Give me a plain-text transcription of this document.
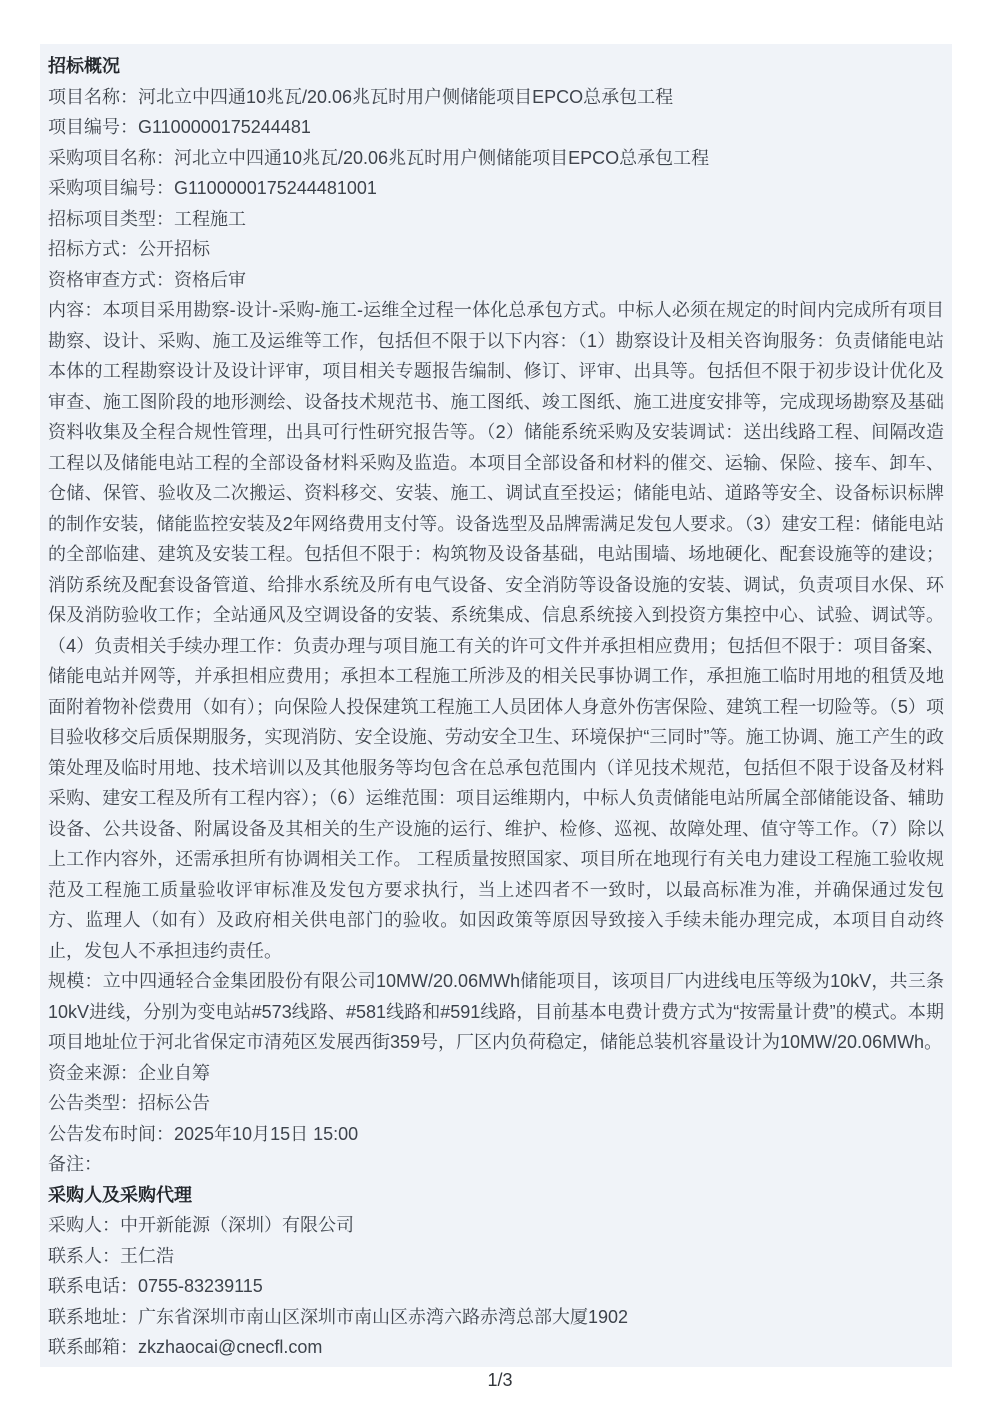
招标概况

项目名称：河北立中四通10兆瓦/20.06兆瓦时用户侧储能项目EPCO总承包工程

项目编号：G1100000175244481

采购项目名称：河北立中四通10兆瓦/20.06兆瓦时用户侧储能项目EPCO总承包工程

采购项目编号：G1100000175244481001

招标项目类型：工程施工

招标方式：公开招标

资格审查方式：资格后审

内容：本项目采用勘察-设计-采购-施工-运维全过程一体化总承包方式。中标人必须在规定的时间内完成所有项目勘察、设计、采购、施工及运维等工作，包括但不限于以下内容：（1）勘察设计及相关咨询服务：负责储能电站本体的工程勘察设计及设计评审，项目相关专题报告编制、修订、评审、出具等。包括但不限于初步设计优化及审查、施工图阶段的地形测绘、设备技术规范书、施工图纸、竣工图纸、施工进度安排等，完成现场勘察及基础资料收集及全程合规性管理，出具可行性研究报告等。（2）储能系统采购及安装调试：送出线路工程、间隔改造工程以及储能电站工程的全部设备材料采购及监造。本项目全部设备和材料的催交、运输、保险、接车、卸车、仓储、保管、验收及二次搬运、资料移交、安装、施工、调试直至投运；储能电站、道路等安全、设备标识标牌的制作安装，储能监控安装及2年网络费用支付等。设备选型及品牌需满足发包人要求。（3）建安工程：储能电站的全部临建、建筑及安装工程。包括但不限于：构筑物及设备基础，电站围墙、场地硬化、配套设施等的建设；消防系统及配套设备管道、给排水系统及所有电气设备、安全消防等设备设施的安装、调试，负责项目水保、环保及消防验收工作；全站通风及空调设备的安装、系统集成、信息系统接入到投资方集控中心、试验、调试等。（4）负责相关手续办理工作：负责办理与项目施工有关的许可文件并承担相应费用；包括但不限于：项目备案、储能电站并网等，并承担相应费用；承担本工程施工所涉及的相关民事协调工作，承担施工临时用地的租赁及地面附着物补偿费用（如有）；向保险人投保建筑工程施工人员团体人身意外伤害保险、建筑工程一切险等。（5）项目验收移交后质保期服务，实现消防、安全设施、劳动安全卫生、环境保护“三同时”等。施工协调、施工产生的政策处理及临时用地、技术培训以及其他服务等均包含在总承包范围内（详见技术规范，包括但不限于设备及材料采购、建安工程及所有工程内容）；（6）运维范围：项目运维期内，中标人负责储能电站所属全部储能设备、辅助设备、公共设备、附属设备及其相关的生产设施的运行、维护、检修、巡视、故障处理、值守等工作。（7）除以上工作内容外，还需承担所有协调相关工作。 工程质量按照国家、项目所在地现行有关电力建设工程施工验收规范及工程施工质量验收评审标准及发包方要求执行，当上述四者不一致时，以最高标准为准，并确保通过发包方、监理人（如有）及政府相关供电部门的验收。如因政策等原因导致接入手续未能办理完成，本项目自动终止，发包人不承担违约责任。

规模：立中四通轻合金集团股份有限公司10MW/20.06MWh储能项目，该项目厂内进线电压等级为10kV，共三条10kV进线，分别为变电站#573线路、#581线路和#591线路，目前基本电费计费方式为“按需量计费”的模式。本期项目地址位于河北省保定市清苑区发展西街359号，厂区内负荷稳定，储能总装机容量设计为10MW/20.06MWh。

资金来源：企业自筹

公告类型：招标公告

公告发布时间：2025年10月15日 15:00

备注：

采购人及采购代理

采购人：中开新能源（深圳）有限公司

联系人：王仁浩

联系电话：0755-83239115

联系地址：广东省深圳市南山区深圳市南山区赤湾六路赤湾总部大厦1902

联系邮箱：zkzhaocai@cnecfl.com

1/3
